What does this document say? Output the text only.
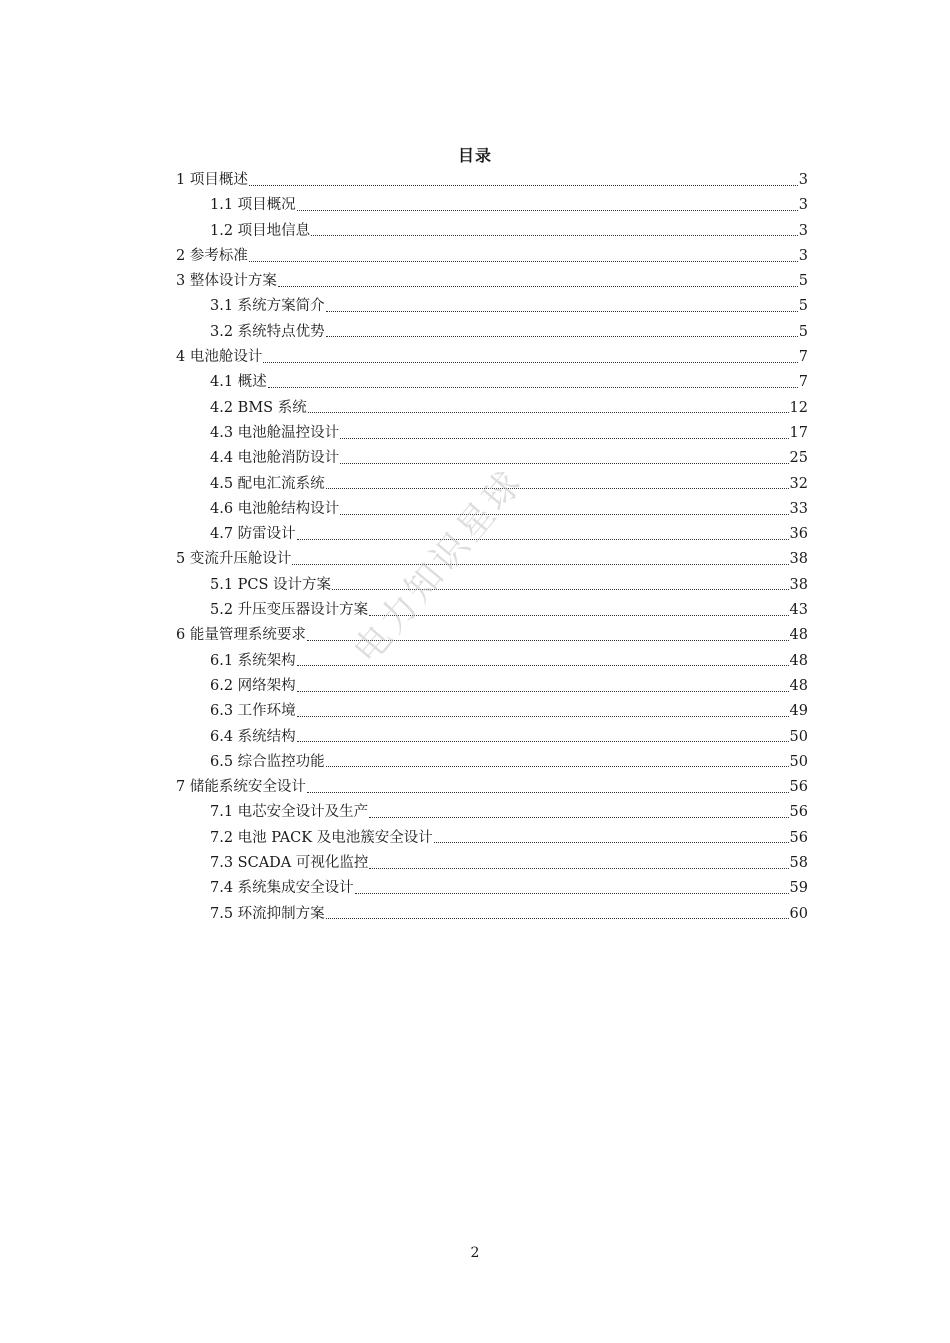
目录
1 项目概述	3
1.1 项目概况	3
1.2 项目地信息	3
2 参考标准	3
3 整体设计方案	5
3.1 系统方案简介	5
3.2 系统特点优势	5
4 电池舱设计	7
4.1 概述	7
4.2 BMS 系统	12
4.3 电池舱温控设计	17
4.4 电池舱消防设计	25
4.5 配电汇流系统	32
4.6 电池舱结构设计	33
4.7 防雷设计	36
5 变流升压舱设计	38
5.1 PCS 设计方案	38
5.2 升压变压器设计方案	43
6 能量管理系统要求	48
6.1 系统架构	48
6.2 网络架构	48
6.3 工作环境	49
6.4 系统结构	50
6.5 综合监控功能	50
7 储能系统安全设计	56
7.1 电芯安全设计及生产	56
7.2 电池 PACK 及电池簇安全设计	56
7.3 SCADA 可视化监控	58
7.4 系统集成安全设计	59
7.5 环流抑制方案	60
电力知识星球
2
